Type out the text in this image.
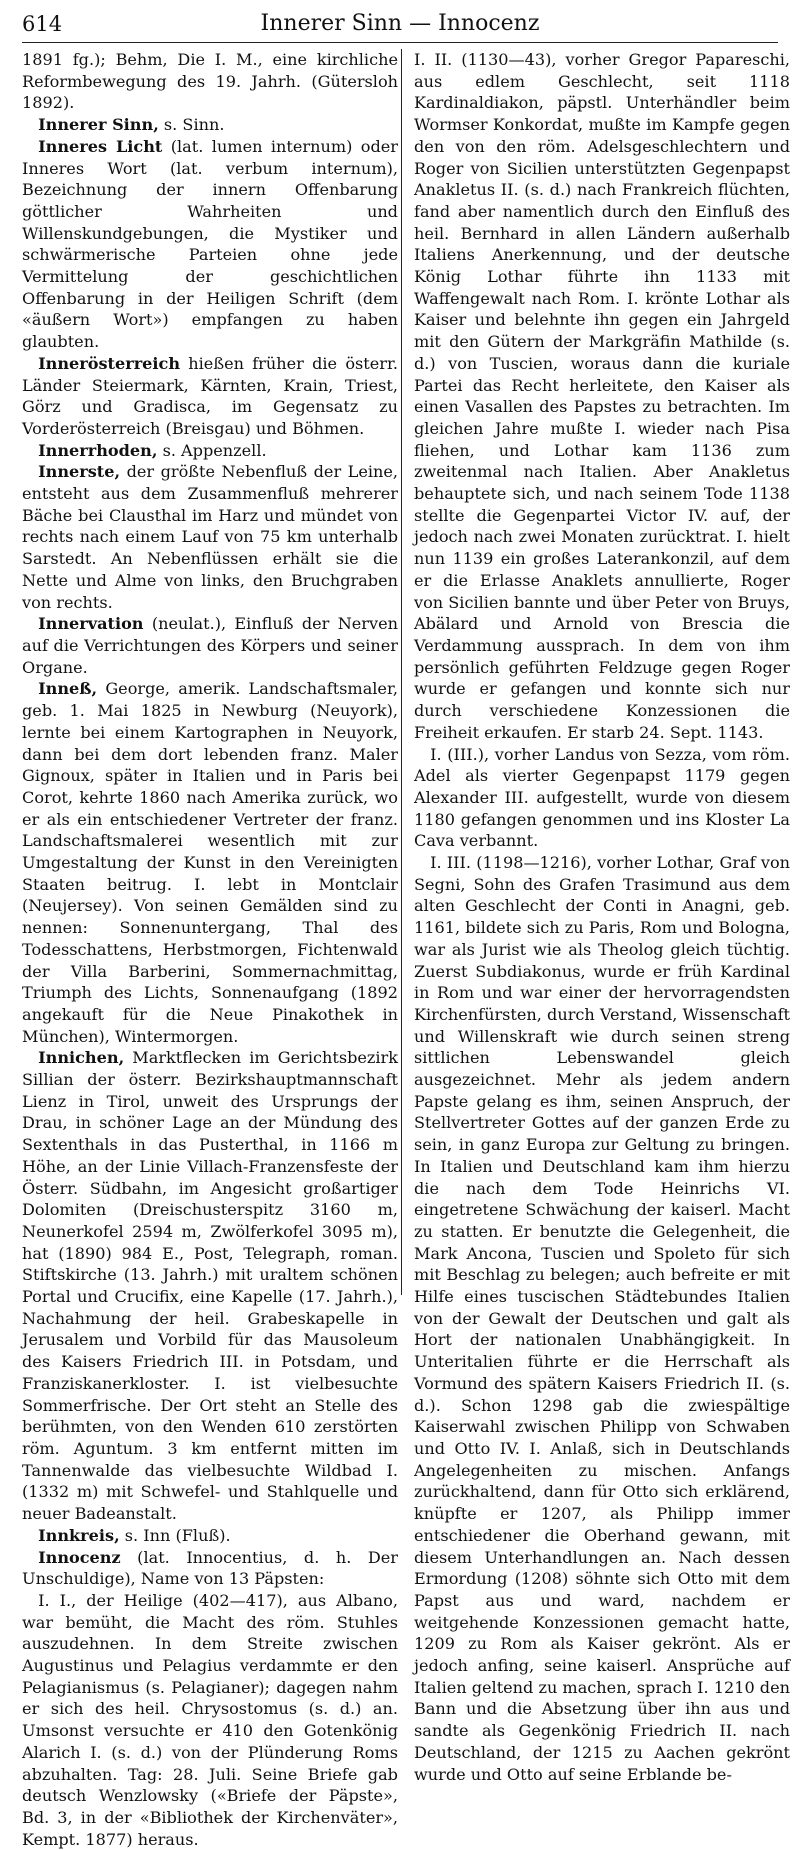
614	Innerer Sinn — Innocenz

1891 fg.); Behm, Die I. M., eine kirchliche Reformbewegung des 19. Jahrh. (Gütersloh 1892).

Innerer Sinn, s. Sinn.

Inneres Licht (lat. lumen internum) oder Inneres Wort (lat. verbum internum), Bezeichnung der innern Offenbarung göttlicher Wahrheiten und Willenskundgebungen, die Mystiker und schwärmerische Parteien ohne jede Vermittelung der geschichtlichen Offenbarung in der Heiligen Schrift (dem «äußern Wort») empfangen zu haben glaubten.

Innerösterreich hießen früher die österr. Länder Steiermark, Kärnten, Krain, Triest, Görz und Gradisca, im Gegensatz zu Vorderösterreich (Breisgau) und Böhmen.

Innerrhoden, s. Appenzell.

Innerste, der größte Nebenfluß der Leine, entsteht aus dem Zusammenfluß mehrerer Bäche bei Clausthal im Harz und mündet von rechts nach einem Lauf von 75 km unterhalb Sarstedt. An Nebenflüssen erhält sie die Nette und Alme von links, den Bruchgraben von rechts.

Innervation (neulat.), Einfluß der Nerven auf die Verrichtungen des Körpers und seiner Organe.

Inneß, George, amerik. Landschaftsmaler, geb. 1. Mai 1825 in Newburg (Neuyork), lernte bei einem Kartographen in Neuyork, dann bei dem dort lebenden franz. Maler Gignoux, später in Italien und in Paris bei Corot, kehrte 1860 nach Amerika zurück, wo er als ein entschiedener Vertreter der franz. Landschaftsmalerei wesentlich mit zur Umgestaltung der Kunst in den Vereinigten Staaten beitrug. I. lebt in Montclair (Neujersey). Von seinen Gemälden sind zu nennen: Sonnenuntergang, Thal des Todesschattens, Herbstmorgen, Fichtenwald der Villa Barberini, Sommernachmittag, Triumph des Lichts, Sonnenaufgang (1892 angekauft für die Neue Pinakothek in München), Wintermorgen.

Innichen, Marktflecken im Gerichtsbezirk Sillian der österr. Bezirkshauptmannschaft Lienz in Tirol, unweit des Ursprungs der Drau, in schöner Lage an der Mündung des Sextenthals in das Pusterthal, in 1166 m Höhe, an der Linie Villach-Franzensfeste der Österr. Südbahn, im Angesicht großartiger Dolomiten (Dreischusterspitz 3160 m, Neunerkofel 2594 m, Zwölferkofel 3095 m), hat (1890) 984 E., Post, Telegraph, roman. Stiftskirche (13. Jahrh.) mit uraltem schönen Portal und Crucifix, eine Kapelle (17. Jahrh.), Nachahmung der heil. Grabeskapelle in Jerusalem und Vorbild für das Mausoleum des Kaisers Friedrich III. in Potsdam, und Franziskanerkloster. I. ist vielbesuchte Sommerfrische. Der Ort steht an Stelle des berühmten, von den Wenden 610 zerstörten röm. Aguntum. 3 km entfernt mitten im Tannenwalde das vielbesuchte Wildbad I. (1332 m) mit Schwefel- und Stahlquelle und neuer Badeanstalt.

Innkreis, s. Inn (Fluß).

Innocenz (lat. Innocentius, d. h. Der Unschuldige), Name von 13 Päpsten:

I. I., der Heilige (402—417), aus Albano, war bemüht, die Macht des röm. Stuhles auszudehnen. In dem Streite zwischen Augustinus und Pelagius verdammte er den Pelagianismus (s. Pelagianer); dagegen nahm er sich des heil. Chrysostomus (s. d.) an. Umsonst versuchte er 410 den Gotenkönig Alarich I. (s. d.) von der Plünderung Roms abzuhalten. Tag: 28. Juli. Seine Briefe gab deutsch Wenzlowsky («Briefe der Päpste», Bd. 3, in der «Bibliothek der Kirchenväter», Kempt. 1877) heraus.

I. II. (1130—43), vorher Gregor Papareschi, aus edlem Geschlecht, seit 1118 Kardinaldiakon, päpstl. Unterhändler beim Wormser Konkordat, mußte im Kampfe gegen den von den röm. Adelsgeschlechtern und Roger von Sicilien unterstützten Gegenpapst Anakletus II. (s. d.) nach Frankreich flüchten, fand aber namentlich durch den Einfluß des heil. Bernhard in allen Ländern außerhalb Italiens Anerkennung, und der deutsche König Lothar führte ihn 1133 mit Waffengewalt nach Rom. I. krönte Lothar als Kaiser und belehnte ihn gegen ein Jahrgeld mit den Gütern der Markgräfin Mathilde (s. d.) von Tuscien, woraus dann die kuriale Partei das Recht herleitete, den Kaiser als einen Vasallen des Papstes zu betrachten. Im gleichen Jahre mußte I. wieder nach Pisa fliehen, und Lothar kam 1136 zum zweitenmal nach Italien. Aber Anakletus behauptete sich, und nach seinem Tode 1138 stellte die Gegenpartei Victor IV. auf, der jedoch nach zwei Monaten zurücktrat. I. hielt nun 1139 ein großes Laterankonzil, auf dem er die Erlasse Anaklets annullierte, Roger von Sicilien bannte und über Peter von Bruys, Abälard und Arnold von Brescia die Verdammung aussprach. In dem von ihm persönlich geführten Feldzuge gegen Roger wurde er gefangen und konnte sich nur durch verschiedene Konzessionen die Freiheit erkaufen. Er starb 24. Sept. 1143.

I. (III.), vorher Landus von Sezza, vom röm. Adel als vierter Gegenpapst 1179 gegen Alexander III. aufgestellt, wurde von diesem 1180 gefangen genommen und ins Kloster La Cava verbannt.

I. III. (1198—1216), vorher Lothar, Graf von Segni, Sohn des Grafen Trasimund aus dem alten Geschlecht der Conti in Anagni, geb. 1161, bildete sich zu Paris, Rom und Bologna, war als Jurist wie als Theolog gleich tüchtig. Zuerst Subdiakonus, wurde er früh Kardinal in Rom und war einer der hervorragendsten Kirchenfürsten, durch Verstand, Wissenschaft und Willenskraft wie durch seinen streng sittlichen Lebenswandel gleich ausgezeichnet. Mehr als jedem andern Papste gelang es ihm, seinen Anspruch, der Stellvertreter Gottes auf der ganzen Erde zu sein, in ganz Europa zur Geltung zu bringen. In Italien und Deutschland kam ihm hierzu die nach dem Tode Heinrichs VI. eingetretene Schwächung der kaiserl. Macht zu statten. Er benutzte die Gelegenheit, die Mark Ancona, Tuscien und Spoleto für sich mit Beschlag zu belegen; auch befreite er mit Hilfe eines tuscischen Städtebundes Italien von der Gewalt der Deutschen und galt als Hort der nationalen Unabhängigkeit. In Unteritalien führte er die Herrschaft als Vormund des spätern Kaisers Friedrich II. (s. d.). Schon 1298 gab die zwiespältige Kaiserwahl zwischen Philipp von Schwaben und Otto IV. I. Anlaß, sich in Deutschlands Angelegenheiten zu mischen. Anfangs zurückhaltend, dann für Otto sich erklärend, knüpfte er 1207, als Philipp immer entschiedener die Oberhand gewann, mit diesem Unterhandlungen an. Nach dessen Ermordung (1208) söhnte sich Otto mit dem Papst aus und ward, nachdem er weitgehende Konzessionen gemacht hatte, 1209 zu Rom als Kaiser gekrönt. Als er jedoch anfing, seine kaiserl. Ansprüche auf Italien geltend zu machen, sprach I. 1210 den Bann und die Absetzung über ihn aus und sandte als Gegenkönig Friedrich II. nach Deutschland, der 1215 zu Aachen gekrönt wurde und Otto auf seine Erblande be-
